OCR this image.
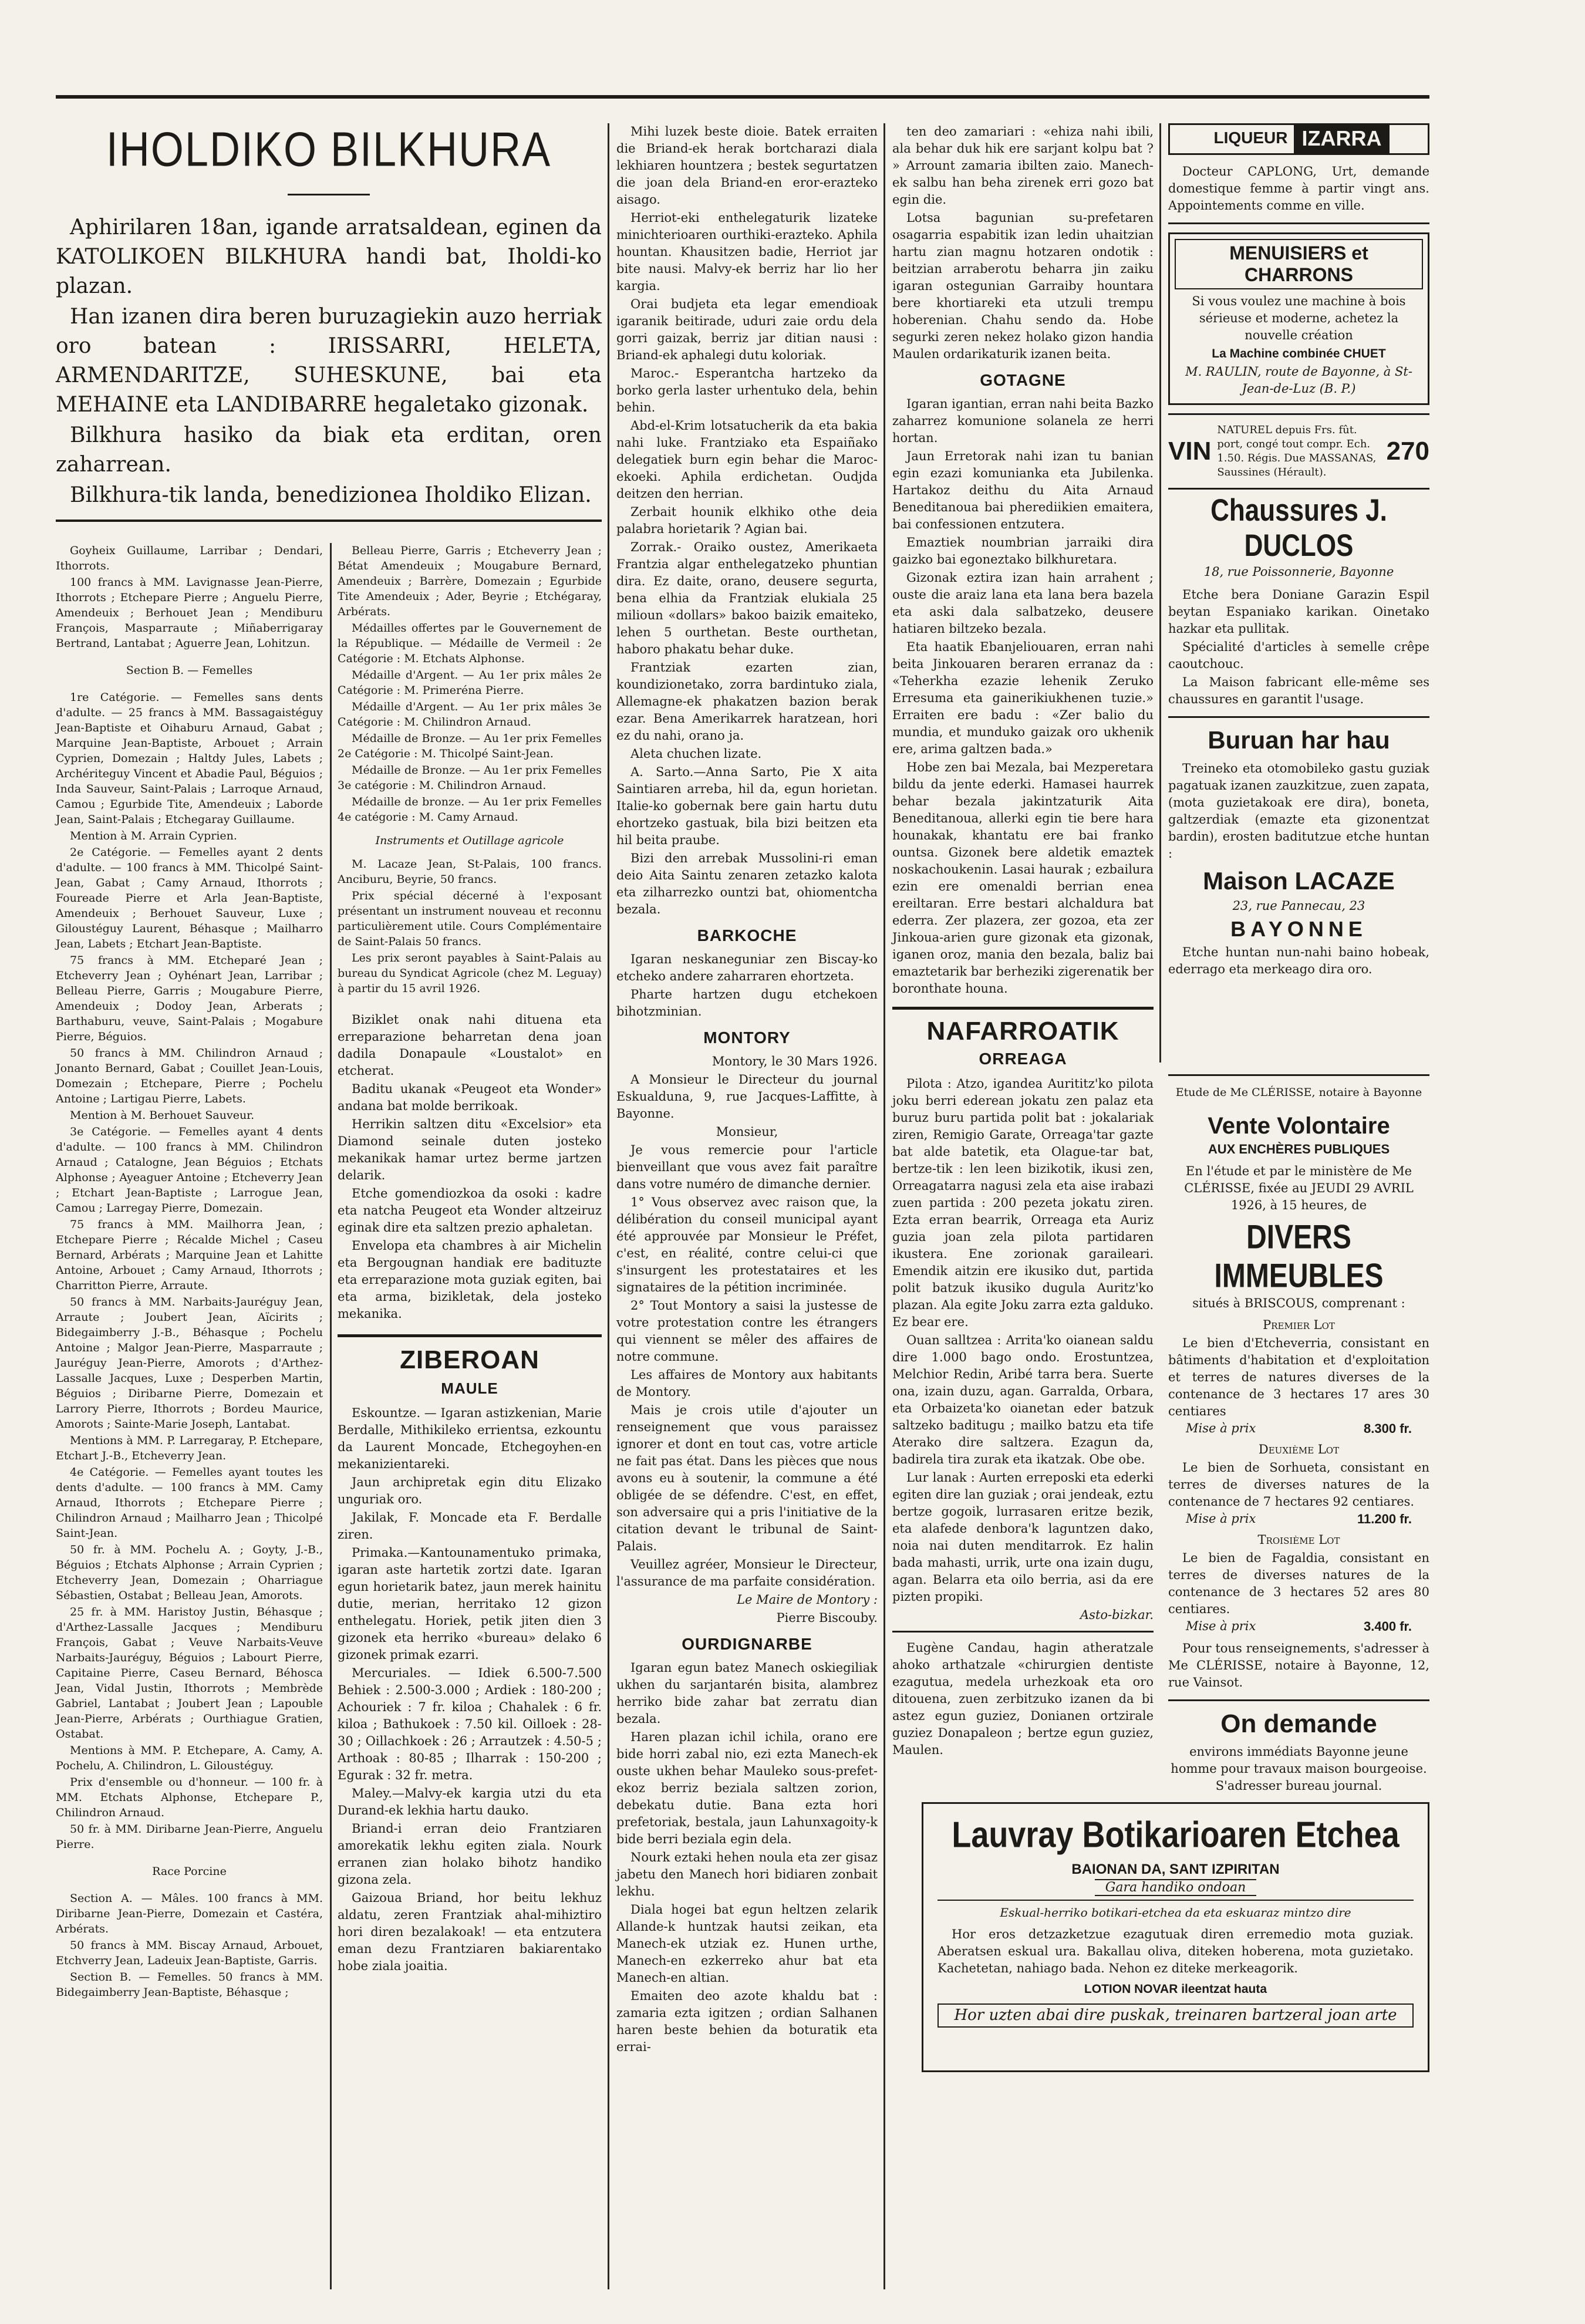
IHOLDIKO BILKHURA

Aphirilaren 18an, igande arratsaldean, eginen da KATOLIKOEN BILKHURA handi bat, Iholdi-ko plazan.

Han izanen dira beren buruzagiekin auzo herriak oro batean : IRISSARRI, HELETA, ARMENDARITZE, SUHESKUNE, bai eta MEHAINE eta LANDIBARRE hegaletako gizonak.

Bilkhura hasiko da biak eta erditan, oren zaharrean.

Bilkhura-tik landa, benedizionea Iholdiko Elizan.

Goyheix Guillaume, Larribar ; Dendari, Ithorrots.

100 francs à MM. Lavignasse Jean-Pierre, Ithorrots ; Etchepare Pierre ; Anguelu Pierre, Amendeuix ; Berhouet Jean ; Mendiburu François, Masparraute ; Miñaberrigaray Bertrand, Lantabat ; Aguerre Jean, Lohitzun.

Section B. — Femelles

1re Catégorie. — Femelles sans dents d'adulte. — 25 francs à MM. Bassagaistéguy Jean-Baptiste et Oihaburu Arnaud, Gabat ; Marquine Jean-Baptiste, Arbouet ; Arrain Cyprien, Domezain ; Haltdy Jules, Labets ; Archériteguy Vincent et Abadie Paul, Béguios ; Inda Sauveur, Saint-Palais ; Larroque Arnaud, Camou ; Egurbide Tite, Amendeuix ; Laborde Jean, Saint-Palais ; Etchegaray Guillaume.

Mention à M. Arrain Cyprien.

2e Catégorie. — Femelles ayant 2 dents d'adulte. — 100 francs à MM. Thicolpé Saint-Jean, Gabat ; Camy Arnaud, Ithorrots ; Foureade Pierre et Arla Jean-Baptiste, Amendeuix ; Berhouet Sauveur, Luxe ; Giloustéguy Laurent, Béhasque ; Mailharro Jean, Labets ; Etchart Jean-Baptiste.

75 francs à MM. Etcheparé Jean ; Etcheverry Jean ; Oyhénart Jean, Larribar ; Belleau Pierre, Garris ; Mougabure Pierre, Amendeuix ; Dodoy Jean, Arberats ; Barthaburu, veuve, Saint-Palais ; Mogabure Pierre, Béguios.

50 francs à MM. Chilindron Arnaud ; Jonanto Bernard, Gabat ; Couillet Jean-Louis, Domezain ; Etchepare, Pierre ; Pochelu Antoine ; Lartigau Pierre, Labets.

Mention à M. Berhouet Sauveur.

3e Catégorie. — Femelles ayant 4 dents d'adulte. — 100 francs à MM. Chilindron Arnaud ; Catalogne, Jean Béguios ; Etchats Alphonse ; Ayeaguer Antoine ; Etcheverry Jean ; Etchart Jean-Baptiste ; Larrogue Jean, Camou ; Larregay Pierre, Domezain.

75 francs à MM. Mailhorra Jean, ; Etchepare Pierre ; Récalde Michel ; Caseu Bernard, Arbérats ; Marquine Jean et Lahitte Antoine, Arbouet ; Camy Arnaud, Ithorrots ; Charritton Pierre, Arraute.

50 francs à MM. Narbaits-Jauréguy Jean, Arraute ; Joubert Jean, Aïcirits ; Bidegaimberry J.-B., Béhasque ; Pochelu Antoine ; Malgor Jean-Pierre, Masparraute ; Jauréguy Jean-Pierre, Amorots ; d'Arthez-Lassalle Jacques, Luxe ; Desperben Martin, Béguios ; Diribarne Pierre, Domezain et Larrory Pierre, Ithorrots ; Bordeu Maurice, Amorots ; Sainte-Marie Joseph, Lantabat.

Mentions à MM. P. Larregaray, P. Etchepare, Etchart J.-B., Etcheverry Jean.

4e Catégorie. — Femelles ayant toutes les dents d'adulte. — 100 francs à MM. Camy Arnaud, Ithorrots ; Etchepare Pierre ; Chilindron Arnaud ; Mailharro Jean ; Thicolpé Saint-Jean.

50 fr. à MM. Pochelu A. ; Goyty, J.-B., Béguios ; Etchats Alphonse ; Arrain Cyprien ; Etcheverry Jean, Domezain ; Oharriague Sébastien, Ostabat ; Belleau Jean, Amorots.

25 fr. à MM. Haristoy Justin, Béhasque ; d'Arthez-Lassalle Jacques ; Mendiburu François, Gabat ; Veuve Narbaits-Veuve Narbaits-Jauréguy, Béguios ; Labourt Pierre, Capitaine Pierre, Caseu Bernard, Béhosca Jean, Vidal Justin, Ithorrots ; Membrède Gabriel, Lantabat ; Joubert Jean ; Lapouble Jean-Pierre, Arbérats ; Ourthiague Gratien, Ostabat.

Mentions à MM. P. Etchepare, A. Camy, A. Pochelu, A. Chilindron, L. Giloustéguy.

Prix d'ensemble ou d'honneur. — 100 fr. à MM. Etchats Alphonse, Etchepare P., Chilindron Arnaud.

50 fr. à MM. Diribarne Jean-Pierre, Anguelu Pierre.

Race Porcine

Section A. — Mâles. 100 francs à MM. Diribarne Jean-Pierre, Domezain et Castéra, Arbérats.

50 francs à MM. Biscay Arnaud, Arbouet, Etchverry Jean, Ladeuix Jean-Baptiste, Garris.

Section B. — Femelles. 50 francs à MM. Bidegaimberry Jean-Baptiste, Béhasque ;

Belleau Pierre, Garris ; Etcheverry Jean ; Bétat Amendeuix ; Mougabure Bernard, Amendeuix ; Barrère, Domezain ; Egurbide Tite Amendeuix ; Ader, Beyrie ; Etchégaray, Arbérats.

Médailles offertes par le Gouvernement de la République. — Médaille de Vermeil : 2e Catégorie : M. Etchats Alphonse.

Médaille d'Argent. — Au 1er prix mâles 2e Catégorie : M. Primeréna Pierre.

Médaille d'Argent. — Au 1er prix mâles 3e Catégorie : M. Chilindron Arnaud.

Médaille de Bronze. — Au 1er prix Femelles 2e Catégorie : M. Thicolpé Saint-Jean.

Médaille de Bronze. — Au 1er prix Femelles 3e catégorie : M. Chilindron Arnaud.

Médaille de bronze. — Au 1er prix Femelles 4e catégorie : M. Camy Arnaud.

Instruments et Outillage agricole

M. Lacaze Jean, St-Palais, 100 francs. Anciburu, Beyrie, 50 francs.

Prix spécial décerné à l'exposant présentant un instrument nouveau et reconnu particulièrement utile. Cours Complémentaire de Saint-Palais 50 francs.

Les prix seront payables à Saint-Palais au bureau du Syndicat Agricole (chez M. Leguay) à partir du 15 avril 1926.

Biziklet onak nahi dituena eta erreparazione beharretan dena joan dadila Donapaule «Loustalot» en etcherat.

Baditu ukanak «Peugeot eta Wonder» andana bat molde berrikoak.

Herrikin saltzen ditu «Excelsior» eta Diamond seinale duten josteko mekanikak hamar urtez berme jartzen delarik.

Etche gomendiozkoa da osoki : kadre eta natcha Peugeot eta Wonder altzeiruz eginak dire eta saltzen prezio aphaletan.

Envelopa eta chambres à air Michelin eta Bergougnan handiak ere badituzte eta erreparazione mota guziak egiten, bai eta arma, bizikletak, dela josteko mekanika.

ZIBEROAN
MAULE

Eskountze. — Igaran astizkenian, Marie Berdalle, Mithikileko errientsa, ezkountu da Laurent Moncade, Etchegoyhen-en mekanizientareki.

Jaun archipretak egin ditu Elizako unguriak oro.

Jakilak, F. Moncade eta F. Berdalle ziren.

Primaka.—Kantounamentuko primaka, igaran aste hartetik zortzi date. Igaran egun horietarik batez, jaun merek hainitu dutie, merian, herritako 12 gizon enthelegatu. Horiek, petik jiten dien 3 gizonek eta herriko «bureau» delako 6 gizonek primak ezarri.

Mercuriales. — Idiek 6.500-7.500 Behiek : 2.500-3.000 ; Ardiek : 180-200 ; Achouriek : 7 fr. kiloa ; Chahalek : 6 fr. kiloa ; Bathukoek : 7.50 kil. Oilloek : 28-30 ; Oillachkoek : 26 ; Arrautzek : 4.50-5 ; Arthoak : 80-85 ; Ilharrak : 150-200 ; Egurak : 32 fr. metra.

Maley.—Malvy-ek kargia utzi du eta Durand-ek lekhia hartu dauko.

Briand-i erran deio Frantziaren amorekatik lekhu egiten ziala. Nourk erranen zian holako bihotz handiko gizona zela.

Gaizoua Briand, hor beitu lekhuz aldatu, zeren Frantziak ahal-mihiztiro hori diren bezalakoak! — eta entzutera eman dezu Frantziaren bakiarentako hobe ziala joaitia.

Mihi luzek beste dioie. Batek erraiten die Briand-ek herak bortcharazi diala lekhiaren hountzera ; bestek segurtatzen die joan dela Briand-en eror-erazteko aisago.

Herriot-eki enthelegaturik lizateke minichterioaren ourthiki-erazteko. Aphila hountan. Khausitzen badie, Herriot jar bite nausi. Malvy-ek berriz har lio her kargia.

Orai budjeta eta legar emendioak igaranik beitirade, uduri zaie ordu dela gorri gaizak, berriz jar ditian nausi : Briand-ek aphalegi dutu koloriak.

Maroc.- Esperantcha hartzeko da borko gerla laster urhentuko dela, behin behin.

Abd-el-Krim lotsatucherik da eta bakia nahi luke. Frantziako eta Espaiñako delegatiek burn egin behar die Maroc-ekoeki. Aphila erdichetan. Oudjda deitzen den herrian.

Zerbait hounik elkhiko othe deia palabra horietarik ? Agian bai.

Zorrak.- Oraiko oustez, Amerikaeta Frantzia algar enthelegatzeko phuntian dira. Ez daite, orano, deusere segurta, bena elhia da Frantziak elukiala 25 milioun «dollars» bakoo baizik emaiteko, lehen 5 ourthetan. Beste ourthetan, haboro phakatu behar duke.

Frantziak ezarten zian, koundizionetako, zorra bardintuko ziala, Allemagne-ek phakatzen bazion berak ezar. Bena Amerikarrek haratzean, hori ez du nahi, orano ja.

Aleta chuchen lizate.

A. Sarto.—Anna Sarto, Pie X aita Saintiaren arreba, hil da, egun horietan. Italie-ko gobernak bere gain hartu dutu ehortzeko gastuak, bila bizi beitzen eta hil beita praube.

Bizi den arrebak Mussolini-ri eman deio Aita Saintu zenaren zetazko kalota eta zilharrezko ountzi bat, ohiomentcha bezala.

BARKOCHE

Igaran neskaneguniar zen Biscay-ko etcheko andere zaharraren ehortzeta.

Pharte hartzen dugu etchekoen bihotzminian.

MONTORY

Montory, le 30 Mars 1926.

A Monsieur le Directeur du journal Eskualduna, 9, rue Jacques-Laffitte, à Bayonne.

Monsieur,

Je vous remercie pour l'article bienveillant que vous avez fait paraître dans votre numéro de dimanche dernier.

1° Vous observez avec raison que, la délibération du conseil municipal ayant été approuvée par Monsieur le Préfet, c'est, en réalité, contre celui-ci que s'insurgent les protestataires et les signataires de la pétition incriminée.

2° Tout Montory a saisi la justesse de votre protestation contre les étrangers qui viennent se mêler des affaires de notre commune.

Les affaires de Montory aux habitants de Montory.

Mais je crois utile d'ajouter un renseignement que vous paraissez ignorer et dont en tout cas, votre article ne fait pas état. Dans les pièces que nous avons eu à soutenir, la commune a été obligée de se défendre. C'est, en effet, son adversaire qui a pris l'initiative de la citation devant le tribunal de Saint-Palais.

Veuillez agréer, Monsieur le Directeur, l'assurance de ma parfaite considération.

Le Maire de Montory :

Pierre Biscouby.

OURDIGNARBE

Igaran egun batez Manech oskiegiliak ukhen du sarjantarén bisita, alambrez herriko bide zahar bat zerratu dian bezala.

Haren plazan ichil ichila, orano ere bide horri zabal nio, ezi ezta Manech-ek ouste ukhen behar Mauleko sous-prefet-ekoz berriz beziala saltzen zorion, debekatu dutie. Bana ezta hori prefetoriak, bestala, jaun Lahunxagoity-k bide berri beziala egin dela.

Nourk eztaki hehen noula eta zer gisaz jabetu den Manech hori bidiaren zonbait lekhu.

Diala hogei bat egun heltzen zelarik Allande-k huntzak hautsi zeikan, eta Manech-ek utziak ez. Hunen urthe, Manech-en ezkerreko ahur bat eta Manech-en altian.

Emaiten deo azote khaldu bat : zamaria ezta igitzen ; ordian Salhanen haren beste behien da boturatik eta errai-

ten deo zamariari : «ehiza nahi ibili, ala behar duk hik ere sarjant kolpu bat ? » Arrount zamaria ibilten zaio. Manech-ek salbu han beha zirenek erri gozo bat egin die.

Lotsa bagunian su-prefetaren osagarria espabitik izan ledin uhaitzian hartu zian magnu hotzaren ondotik : beitzian arraberotu beharra jin zaiku igaran ostegunian Garraiby hountara bere khortiareki eta utzuli trempu hoberenian. Chahu sendo da. Hobe segurki zeren nekez holako gizon handia Maulen ordarikaturik izanen beita.

GOTAGNE

Igaran igantian, erran nahi beita Bazko zaharrez komunione solanela ze herri hortan.

Jaun Erretorak nahi izan tu banian egin ezazi komunianka eta Jubilenka. Hartakoz deithu du Aita Arnaud Beneditanoua bai pherediikien emaitera, bai confessionen entzutera.

Emaztiek noumbrian jarraiki dira gaizko bai egoneztako bilkhuretara.

Gizonak eztira izan hain arrahent ; ouste die araiz lana eta lana bera bazela eta aski dala salbatzeko, deusere hatiaren biltzeko bezala.

Eta haatik Ebanjeliouaren, erran nahi beita Jinkouaren beraren erranaz da : «Teherkha ezazie lehenik Zeruko Erresuma eta gainerikiukhenen tuzie.» Erraiten ere badu : «Zer balio du mundia, et munduko gaizak oro ukhenik ere, arima galtzen bada.»

Hobe zen bai Mezala, bai Mezperetara bildu da jente ederki. Hamasei haurrek behar bezala jakintzaturik Aita Beneditanoua, allerki egin tie bere hara hounakak, khantatu ere bai franko ountsa. Gizonek bere aldetik emaztek noskachoukenin. Lasai haurak ; ezbailura ezin ere omenaldi berrian enea ereiltaran. Erre bestari alchaldura bat ederra. Zer plazera, zer gozoa, eta zer Jinkoua-arien gure gizonak eta gizonak, iganen oroz, mania den bezala, baliz bai emaztetarik bar berheziki zigerenatik ber boronthate houna.

NAFARROATIK
ORREAGA

Pilota : Atzo, igandea Aurititz'ko pilota joku berri ederean jokatu zen palaz eta buruz buru partida polit bat : jokalariak ziren, Remigio Garate, Orreaga'tar gazte bat alde batetik, eta Olague-tar bat, bertze-tik : len leen bizikotik, ikusi zen, Orreagatarra nagusi zela eta aise irabazi zuen partida : 200 pezeta jokatu ziren. Ezta erran bearrik, Orreaga eta Auriz guzia joan zela pilota partidaren ikustera. Ene zorionak garaileari. Emendik aitzin ere ikusiko dut, partida polit batzuk ikusiko dugula Auritz'ko plazan. Ala egite Joku zarra ezta galduko. Ez bear ere.

Ouan salltzea : Arrita'ko oianean saldu dire 1.000 bago ondo. Erostuntzea, Melchior Redin, Aribé tarra bera. Suerte ona, izain duzu, agan. Garralda, Orbara, eta Orbaizeta'ko oianetan eder batzuk saltzeko baditugu ; mailko batzu eta tife Aterako dire saltzera. Ezagun da, badirela tira zurak eta ikatzak. Obe obe.

Lur lanak : Aurten erreposki eta ederki egiten dire lan guziak ; orai jendeak, eztu bertze gogoik, lurrasaren eritze bezik, eta alafede denbora'k laguntzen dako, noia nai duten menditarrok. Ez halin bada mahasti, urrik, urte ona izain dugu, agan. Belarra eta oilo berria, asi da ere pizten propiki.

Asto-bizkar.

Eugène Candau, hagin atheratzale ahoko arthatzale «chirurgien dentiste ezagutua, medela urhezkoak eta oro ditouena, zuen zerbitzuko izanen da bi astez egun guziez, Donianen ortzirale guziez Donapaleon ; bertze egun guziez, Maulen.

LIQUEUR IZARRA

Docteur CAPLONG, Urt, demande domestique femme à partir vingt ans. Appointements comme en ville.

MENUISIERS et CHARRONS

Si vous voulez une machine à bois sérieuse et moderne, achetez la nouvelle création

La Machine combinée CHUET

M. RAULIN, route de Bayonne, à St-Jean-de-Luz (B. P.)

VIN
NATUREL depuis Frs. fût. port, congé tout compr. Ech. 1.50. Régis. Due MASSANAS, Saussines (Hérault).
270
Chaussures J. DUCLOS

18, rue Poissonnerie, Bayonne

Etche bera Doniane Garazin Espil beytan Espaniako karikan. Oinetako hazkar eta pullitak.

Spécialité d'articles à semelle crêpe caoutchouc.

La Maison fabricant elle-même ses chaussures en garantit l'usage.

Buruan har hau

Treineko eta otomobileko gastu guziak pagatuak izanen zauzkitzue, zuen zapata, (mota guzietakoak ere dira), boneta, galtzerdiak (emazte eta gizonentzat bardin), erosten baditutzue etche huntan :

Maison LACAZE

23, rue Pannecau, 23

BAYONNE

Etche huntan nun-nahi baino hobeak, ederrago eta merkeago dira oro.

Etude de Me CLÉRISSE, notaire à Bayonne

Vente Volontaire
AUX ENCHÈRES PUBLIQUES

En l'étude et par le ministère de Me CLÉRISSE, fixée au JEUDI 29 AVRIL 1926, à 15 heures, de

DIVERS IMMEUBLES

situés à BRISCOUS, comprenant :

Premier Lot

Le bien d'Etcheverria, consistant en bâtiments d'habitation et d'exploitation et terres de natures diverses de la contenance de 3 hectares 17 ares 30 centiares

Mise à prix	8.300 fr.

Deuxième Lot

Le bien de Sorhueta, consistant en terres de diverses natures de la contenance de 7 hectares 92 centiares.

Mise à prix	11.200 fr.

Troisième Lot

Le bien de Fagaldia, consistant en terres de diverses natures de la contenance de 3 hectares 52 ares 80 centiares.

Mise à prix	3.400 fr.

Pour tous renseignements, s'adresser à Me CLÉRISSE, notaire à Bayonne, 12, rue Vainsot.

On demande

environs immédiats Bayonne jeune homme pour travaux maison bourgeoise. S'adresser bureau journal.

Lauvray Botikarioaren Etchea
BAIONAN DA, SANT IZPIRITAN
Gara handiko ondoan

Eskual-herriko botikari-etchea da eta eskuaraz mintzo dire

Hor eros detzazketzue ezagutuak diren erremedio mota guziak. Aberatsen eskual ura. Bakallau oliva, diteken hoberena, mota guzietako. Kachetetan, nahiago bada. Nehon ez diteke merkeagorik.

LOTION NOVAR ileentzat hauta

Hor uzten abai dire puskak, treinaren bartzeral joan arte
